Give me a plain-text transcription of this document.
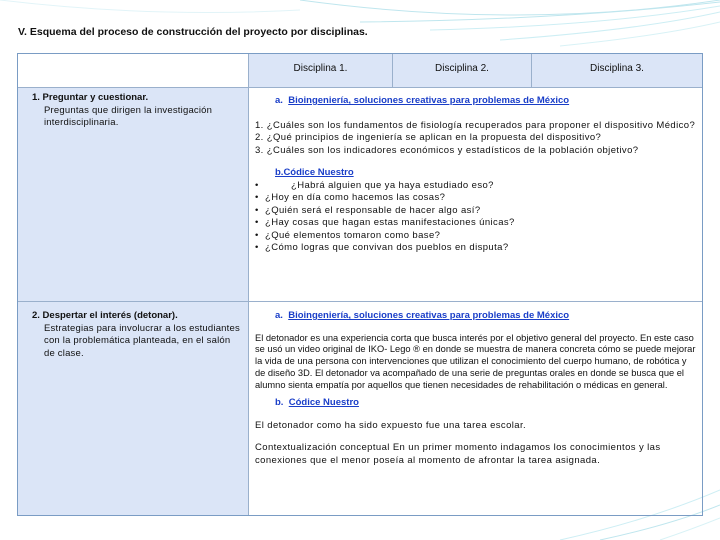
V. Esquema del proceso de construcción del proyecto por disciplinas.
Disciplina 1.	Disciplina 2.	Disciplina 3.
1. Preguntar y cuestionar.
Preguntas que dirigen la investigación interdisciplinaria.
a. Bioingeniería, soluciones creativas para problemas de México

1. ¿Cuáles son los fundamentos de fisiología recuperados para proponer el dispositivo Médico?

2. ¿Qué principios de ingeniería se aplican en la propuesta del dispositivo?

3. ¿Cuáles son los indicadores económicos y estadísticos de la población objetivo?

b.Códice Nuestro
• ¿Habrá alguien que ya haya estudiado eso?
• ¿Hoy en día como hacemos las cosas?
• ¿Quién será el responsable de hacer algo así?
• ¿Hay cosas que hagan estas manifestaciones únicas?
• ¿Qué elementos tomaron como base?
• ¿Cómo logras que convivan dos pueblos en disputa?
2. Despertar el interés (detonar).
Estrategias para involucrar a los estudiantes con la problemática planteada, en el salón de clase.
a. Bioingeniería, soluciones creativas para problemas de México

El detonador es una experiencia corta que busca interés por el objetivo general del proyecto. En este caso se usó un video original de IKO- Lego ® en donde se muestra de manera concreta cómo se puede mejorar la vida de una persona con intervenciones que utilizan el conocimiento del cuerpo humano, de robótica y de diseño 3D. El detonador va acompañado de una serie de preguntas orales en donde se busca que el alumno sienta empatía por aquellos que tienen necesidades de rehabilitación o médicas en general.

b. Códice Nuestro

El detonador como ha sido expuesto fue una tarea escolar.

Contextualización conceptual En un primer momento indagamos los conocimientos y las conexiones que el menor poseía al momento de afrontar la tarea asignada.
